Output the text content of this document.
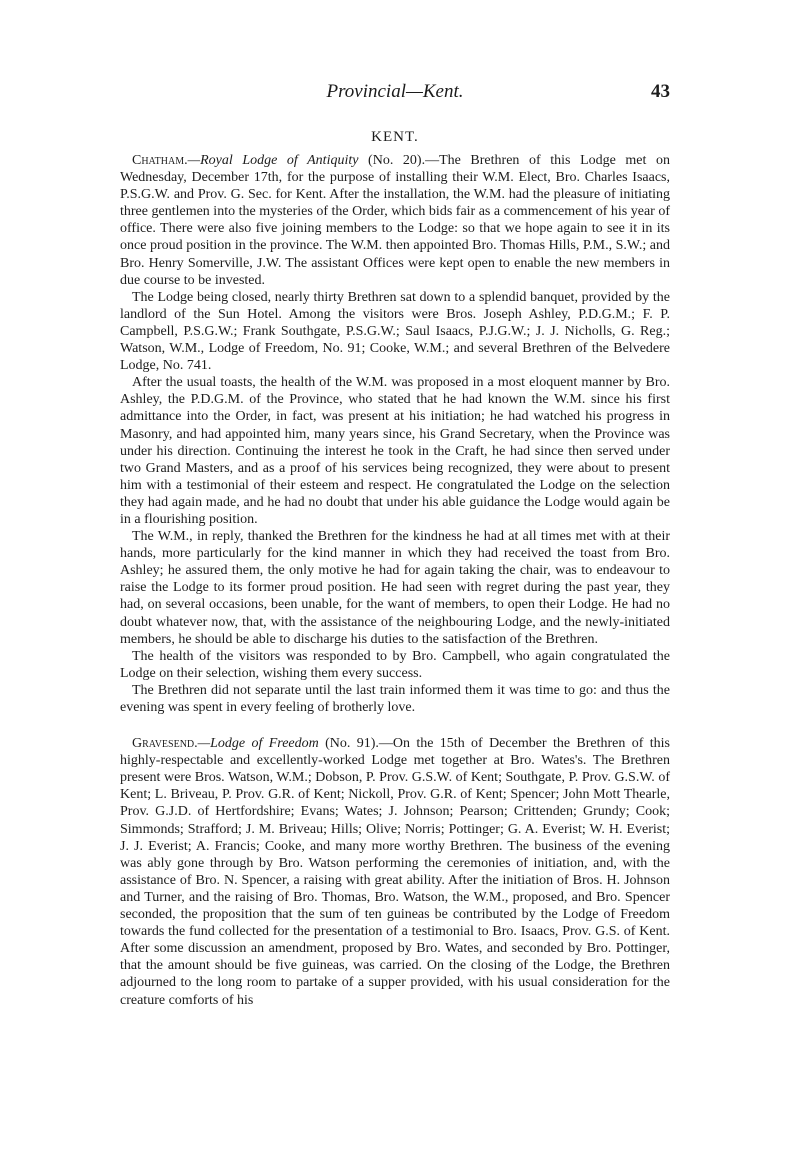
Provincial—Kent.	43
KENT.

Chatham.—Royal Lodge of Antiquity (No. 20).—The Brethren of this Lodge met on Wednesday, December 17th, for the purpose of installing their W.M. Elect, Bro. Charles Isaacs, P.S.G.W. and Prov. G. Sec. for Kent. After the installation, the W.M. had the pleasure of initiating three gentlemen into the mysteries of the Order, which bids fair as a commencement of his year of office. There were also five joining members to the Lodge: so that we hope again to see it in its once proud position in the province. The W.M. then appointed Bro. Thomas Hills, P.M., S.W.; and Bro. Henry Somerville, J.W. The assistant Offices were kept open to enable the new members in due course to be invested.

The Lodge being closed, nearly thirty Brethren sat down to a splendid banquet, provided by the landlord of the Sun Hotel. Among the visitors were Bros. Joseph Ashley, P.D.G.M.; F. P. Campbell, P.S.G.W.; Frank Southgate, P.S.G.W.; Saul Isaacs, P.J.G.W.; J. J. Nicholls, G. Reg.; Watson, W.M., Lodge of Freedom, No. 91; Cooke, W.M.; and several Brethren of the Belvedere Lodge, No. 741.

After the usual toasts, the health of the W.M. was proposed in a most eloquent manner by Bro. Ashley, the P.D.G.M. of the Province, who stated that he had known the W.M. since his first admittance into the Order, in fact, was present at his initiation; he had watched his progress in Masonry, and had appointed him, many years since, his Grand Secretary, when the Province was under his direction. Continuing the interest he took in the Craft, he had since then served under two Grand Masters, and as a proof of his services being recognized, they were about to present him with a testimonial of their esteem and respect. He congratulated the Lodge on the selection they had again made, and he had no doubt that under his able guidance the Lodge would again be in a flourishing position.

The W.M., in reply, thanked the Brethren for the kindness he had at all times met with at their hands, more particularly for the kind manner in which they had received the toast from Bro. Ashley; he assured them, the only motive he had for again taking the chair, was to endeavour to raise the Lodge to its former proud position. He had seen with regret during the past year, they had, on several occasions, been unable, for the want of members, to open their Lodge. He had no doubt whatever now, that, with the assistance of the neighbouring Lodge, and the newly-initiated members, he should be able to discharge his duties to the satisfaction of the Brethren.

The health of the visitors was responded to by Bro. Campbell, who again congratulated the Lodge on their selection, wishing them every success.

The Brethren did not separate until the last train informed them it was time to go: and thus the evening was spent in every feeling of brotherly love.

Gravesend.—Lodge of Freedom (No. 91).—On the 15th of December the Brethren of this highly-respectable and excellently-worked Lodge met together at Bro. Wates's. The Brethren present were Bros. Watson, W.M.; Dobson, P. Prov. G.S.W. of Kent; Southgate, P. Prov. G.S.W. of Kent; L. Briveau, P. Prov. G.R. of Kent; Nickoll, Prov. G.R. of Kent; Spencer; John Mott Thearle, Prov. G.J.D. of Hertfordshire; Evans; Wates; J. Johnson; Pearson; Crittenden; Grundy; Cook; Simmonds; Strafford; J. M. Briveau; Hills; Olive; Norris; Pottinger; G. A. Everist; W. H. Everist; J. J. Everist; A. Francis; Cooke, and many more worthy Brethren. The business of the evening was ably gone through by Bro. Watson performing the ceremonies of initiation, and, with the assistance of Bro. N. Spencer, a raising with great ability. After the initiation of Bros. H. Johnson and Turner, and the raising of Bro. Thomas, Bro. Watson, the W.M., proposed, and Bro. Spencer seconded, the proposition that the sum of ten guineas be contributed by the Lodge of Freedom towards the fund collected for the presentation of a testimonial to Bro. Isaacs, Prov. G.S. of Kent. After some discussion an amendment, proposed by Bro. Wates, and seconded by Bro. Pottinger, that the amount should be five guineas, was carried. On the closing of the Lodge, the Brethren adjourned to the long room to partake of a supper provided, with his usual consideration for the creature comforts of his
